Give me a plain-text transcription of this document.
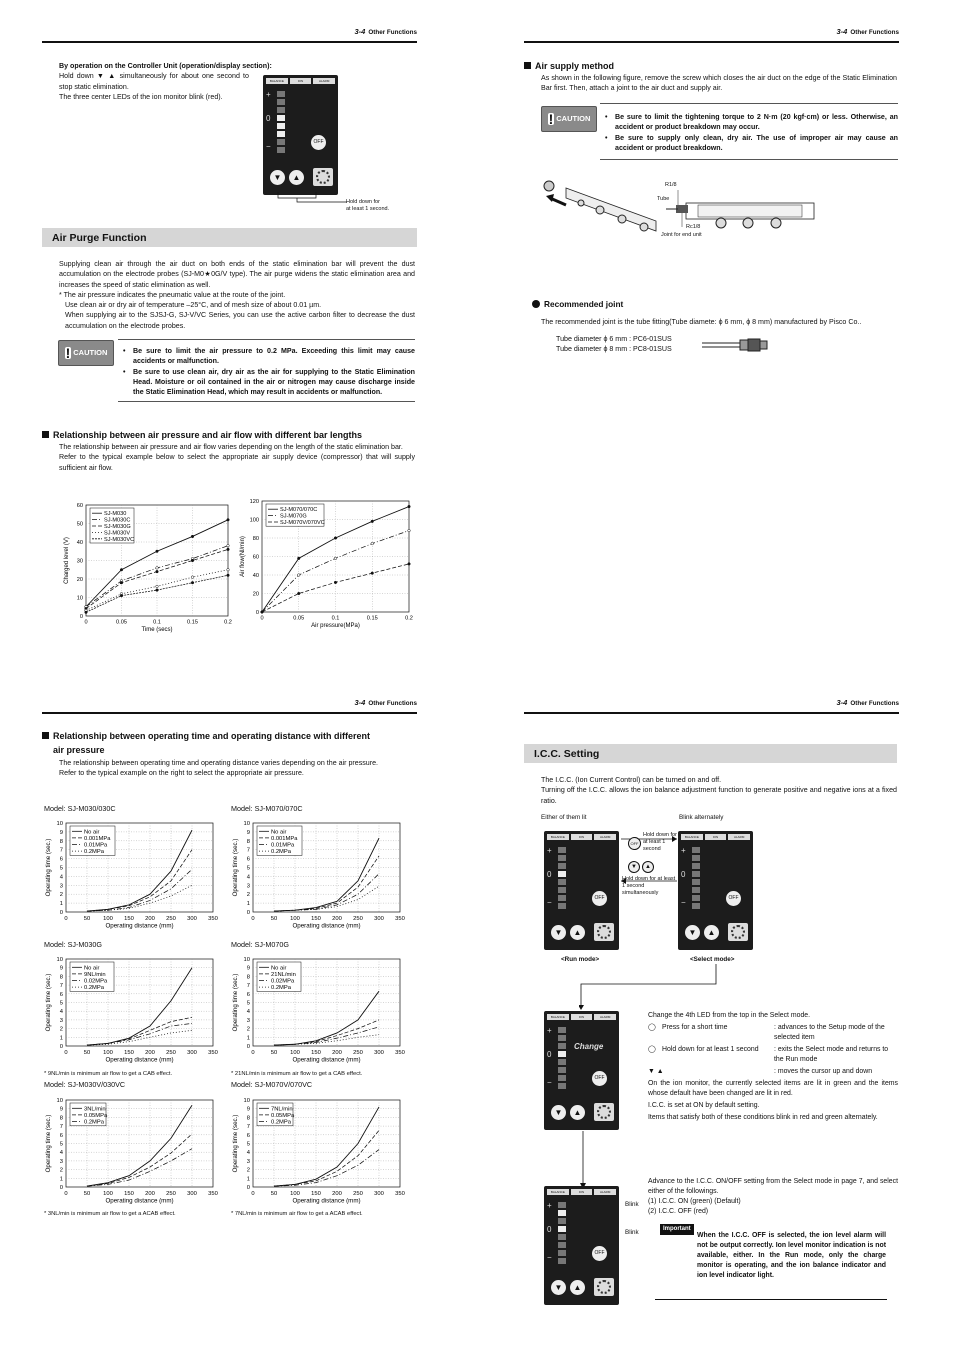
3-4 Other Functions

By operation on the Controller Unit (operation/display section):

Hold down ▼ ▲ simultaneously for about one second to stop static elimination.

The three center LEDs of the ion monitor blink (red).

BALANCE	ION	ALARM
+
0
−	OFF
▼	▲
Hold down for
at least 1 second.
Air Purge Function

Supplying clean air through the air duct on both ends of the static elimination bar will prevent the dust accumulation on the electrode probes (SJ-M0★0G/V type). The air purge widens the static elimination area and increases the speed of static elimination as well.

* The air pressure indicates the pneumatic value at the route of the joint.

Use clean air or dry air of temperature –25°C, and of mesh size of about 0.01 µm.

When supplying air to the SJSJ-G, SJ-V/VC Series, you can use the active carbon filter to decrease the dust accumulation on the electrode probes.

! CAUTION	• Be sure to limit the air pressure to 0.2 MPa. Exceeding this limit may cause accidents or malfunction.
• Be sure to use clean air, dry air as the air for supplying to the Static Elimination Head. Moisture or oil contained in the air or nitrogen may cause discharge inside the Static Elimination Head, which may result in accidents or malfunction.
Relationship between air pressure and air flow with different bar lengths

The relationship between air pressure and air flow varies depending on the length of the static elimination bar.

Refer to the typical example below to select the appropriate air supply device (compressor) that will supply sufficient air flow.

0
10
20
30
40
50
60
0	0.05	0.1	0.15	0.2
Time (secs)
Charged level (V)
SJ-M030
SJ-M030C
SJ-M030G
SJ-M030V
SJ-M030VC
0
20
40
60
80
100
120
0	0.05	0.1	0.15	0.2
Air pressure(MPa)
Air flow(Nl/min)
SJ-M070/070C
SJ-M070G
SJ-M070V/070VC
3-4 Other Functions
Air supply method
As shown in the following figure, remove the screw which closes the air duct on the edge of the Static Elimination Bar first. Then, attach a joint to the air duct and supply air.
! CAUTION	• Be sure to limit the tightening torque to 2 N·m (20 kgf·cm) or less. Otherwise, an accident or product breakdown may occur.
• Be sure to supply only clean, dry air. The use of improper air may cause an accident or product breakdown.
R1/8
Tube
Rc1/8
Joint for end unit
Recommended joint
The recommended joint is the tube fitting(Tube diamete: ϕ 6 mm, ϕ 8 mm) manufactured by Pisco Co..

Tube diameter ϕ 6 mm : PC6-01SUS

Tube diameter ϕ 8 mm : PC8-01SUS

3-4 Other Functions
Relationship between operating time and operating distance with different
air pressure

The relationship between operating time and operating distance varies depending on the air pressure.

Refer to the typical example on the right to select the appropriate air pressure.

Model: SJ-M030/030C	Model: SJ-M070/070C
0
1
2
3
4
5
6
7
8
9
10
0	50 100 150 200 250 300 350
Operating distance (mm)
Operating time (sec.)
No air
0.001MPa
0.01MPa
0.2MPa
0
1
2
3
4
5
6
7
8
9
10
0	50 100 150 200 250 300 350
Operating distance (mm)
Operating time (sec.)
No air
0.001MPa
0.01MPa
0.2MPa
Model: SJ-M030G	Model: SJ-M070G
0
1
2
3
4
5
6
7
8
9
10
0	50 100 150 200 250 300 350
Operating distance (mm)
Operating time (sec.)
No air
9NL/min
0.02MPa
0.2MPa
0
1
2
3
4
5
6
7
8
9
10
0	50 100 150 200 250 300 350
Operating distance (mm)
Operating time (sec.)
No air
21NL/min
0.02MPa
0.2MPa
* 9NL/min is minimum air flow to get a CAB effect.	* 21NL/min is minimum air flow to get a CAB effect.
Model: SJ-M030V/030VC	Model: SJ-M070V/070VC
0
1
2
3
4
5
6
7
8
9
10
0	50 100 150 200 250 300 350
Operating distance (mm)
Operating time (sec.)
3NL/min
0.05MPa
0.2MPa
0
1
2
3
4
5
6
7
8
9
10
0	50 100 150 200 250 300 350
Operating distance (mm)
Operating time (sec.)
7NL/min
0.05MPa
0.2MPa
* 3NL/min is minimum air flow to get a ACAB effect.	* 7NL/min is minimum air flow to get a ACAB effect.
3-4 Other Functions
I.C.C. Setting

The I.C.C. (Ion Current Control) can be turned on and off.

Turning off the I.C.C. allows the ion balance adjustment function to generate positive and negative ions at a fixed ratio.

Either of them lit	Blink alternately
BALANCE	ION	ALARM
+
0
−	OFF
▼	▲
BALANCE	ION	ALARM
+
0
−	OFF
▼	▲
OFF
Hold down for at least 1 second
▼	▲
Hold down for at least 1 second simultaneously
<Run mode>	<Select mode>
BALANCE	ION	ALARM
+
0
−
Change
OFF
▼	▲

Change the 4th LED from the top in the Select mode.

◯ Press for a short time	: advances to the Setup mode of the selected item
◯ Hold down for at least 1 second	: exits the Select mode and returns to the Run mode
▼ ▲	: moves the cursor up and down

On the ion monitor, the currently selected items are lit in green and the items whose default have been changed are lit in red.

I.C.C. is set at ON by default setting.

Items that satisfy both of these conditions blink in red and green alternately.

BALANCE	ION	ALARM
+
0
−	OFF
▼	▲
Blink
Blink

Advance to the I.C.C. ON/OFF setting from the Select mode in page 7, and select either of the followings.

(1) I.C.C. ON (green) (Default)

(2) I.C.C. OFF (red)

Important
When the I.C.C. OFF is selected, the ion level alarm will not be output correctly. Ion level monitor indication is not available, either. In the Run mode, only the charge monitor is operating, and the ion balance indicator and ion level indicator light.
